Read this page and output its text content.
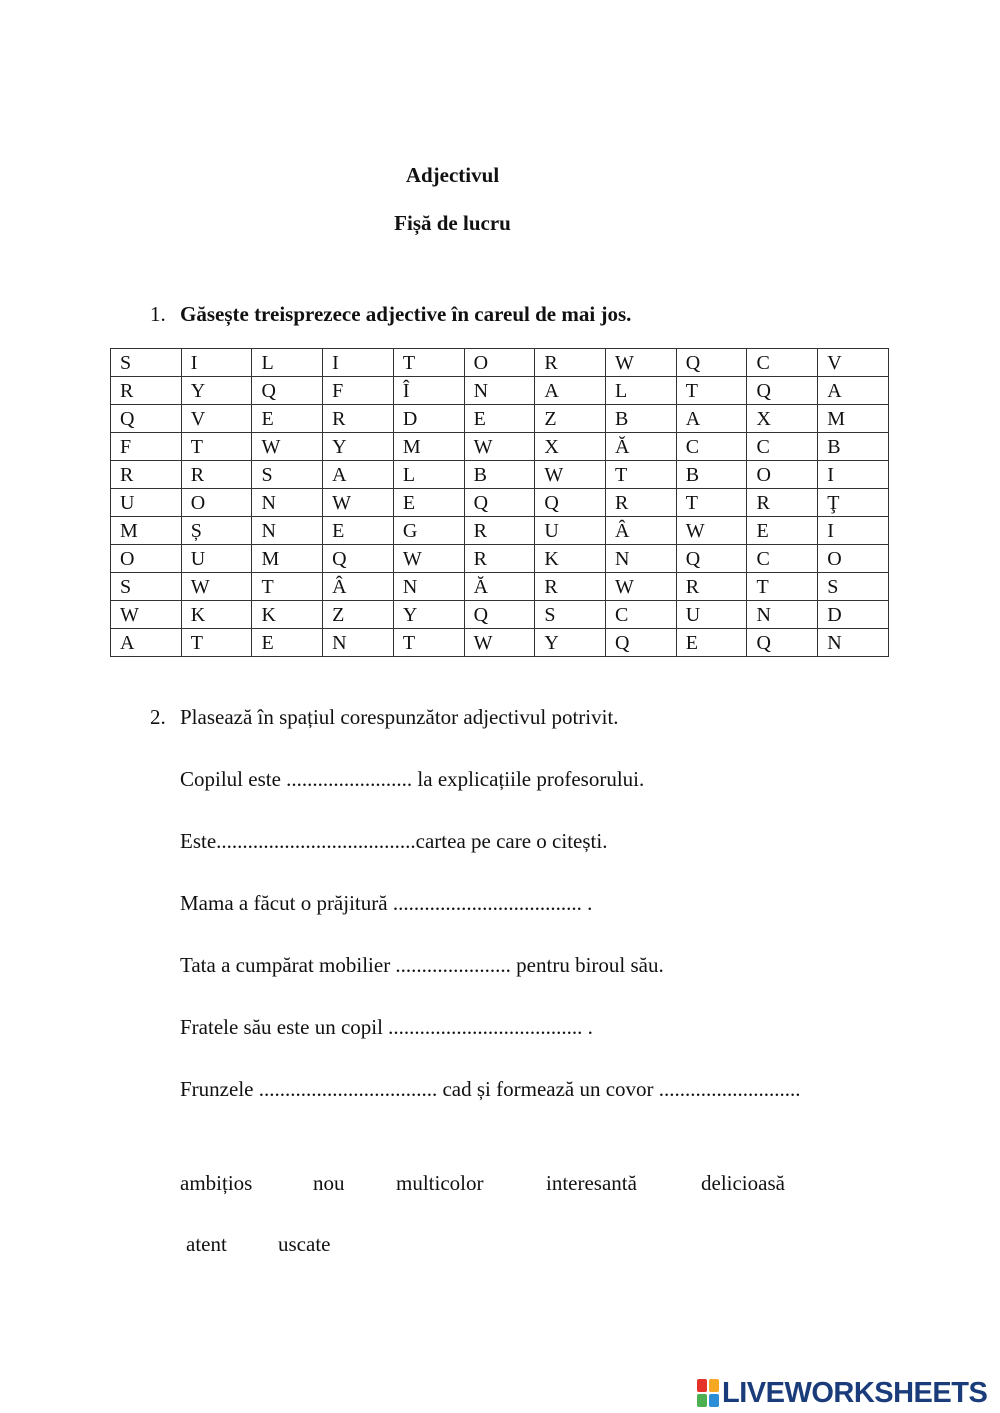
Adjectivul
Fișă de lucru
1. Găsește treisprezece adjective în careul de mai jos.
S	I	L	I	T	O	R	W	Q	C	V
R	Y	Q	F	Î	N	A	L	T	Q	A
Q	V	E	R	D	E	Z	B	A	X	M
F	T	W	Y	M	W	X	Ă	C	C	B
R	R	S	A	L	B	W	T	B	O	I
U	O	N	W	E	Q	Q	R	T	R	Ţ
M	Ș	N	E	G	R	U	Â	W	E	I
O	U	M	Q	W	R	K	N	Q	C	O
S	W	T	Â	N	Ă	R	W	R	T	S
W	K	K	Z	Y	Q	S	C	U	N	D
A	T	E	N	T	W	Y	Q	E	Q	N
2. Plasează în spațiul corespunzător adjectivul potrivit.
Copilul este ........................ la explicațiile profesorului.
Este......................................cartea pe care o citești.
Mama a făcut o prăjitură .................................... .
Tata a cumpărat mobilier ...................... pentru biroul său.
Fratele său este un copil ..................................... .
Frunzele .................................. cad și formează un covor ...........................
ambițios	nou multicolor	interesantă	delicioasă
atent uscate
LIVEWORKSHEETS
